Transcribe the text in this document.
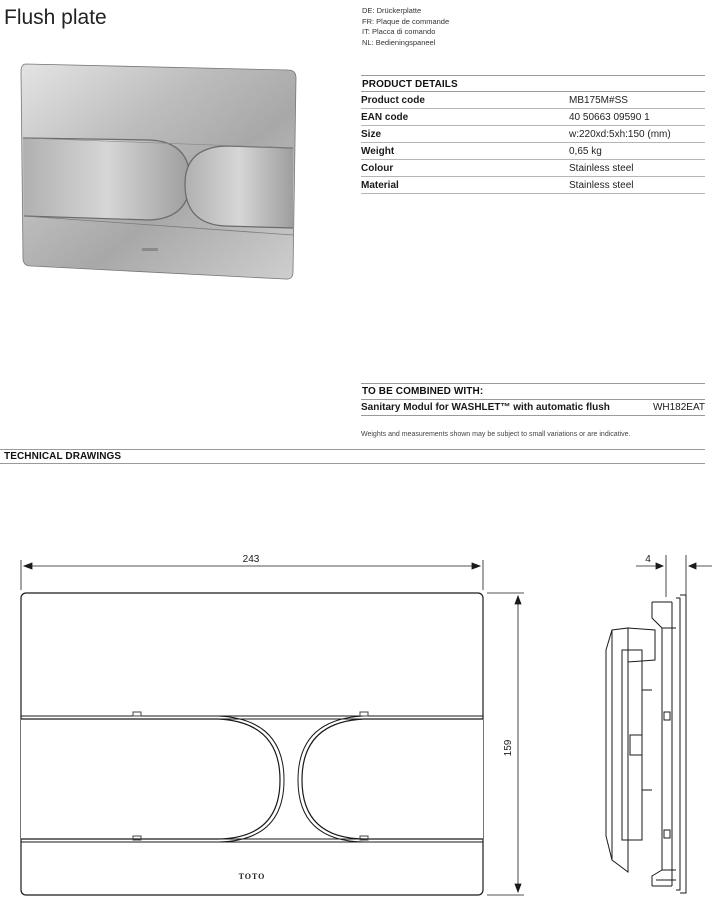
Flush plate	DE: Drückerplatte
FR: Plaque de commande
IT: Placca di comando
NL: Bedieningspaneel
PRODUCT DETAILS
Product code	MB175M#SS
EAN code	40 50663 09590 1
Size	w:220xd:5xh:150 (mm)
Weight	0,65 kg
Colour	Stainless steel
Material	Stainless steel
TO BE COMBINED WITH:
Sanitary Modul for WASHLET™ with automatic flush	WH182EAT
Weights and measurements shown may be subject to small variations or are indicative.
TECHNICAL DRAWINGS
243
159
4
TOTO
